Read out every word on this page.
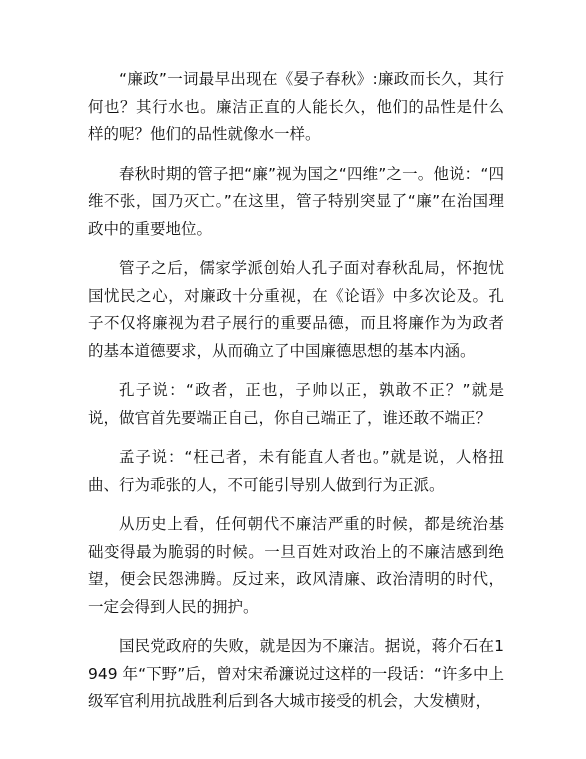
“廉政”一词最早出现在《晏子春秋》:廉政而长久，其行何也？其行水也。廉洁正直的人能长久，他们的品性是什么样的呢？他们的品性就像水一样。

春秋时期的管子把“廉”视为国之“四维”之一。他说：“四维不张，国乃灭亡。”在这里，管子特别突显了“廉”在治国理政中的重要地位。

管子之后，儒家学派创始人孔子面对春秋乱局，怀抱忧国忧民之心，对廉政十分重视，在《论语》中多次论及。孔子不仅将廉视为君子展行的重要品德，而且将廉作为为政者的基本道德要求，从而确立了中国廉德思想的基本内涵。

孔子说：“政者，正也，子帅以正，孰敢不正？”就是说，做官首先要端正自己，你自己端正了，谁还敢不端正？

孟子说：“枉己者，未有能直人者也。”就是说，人格扭曲、行为乖张的人，不可能引导别人做到行为正派。

从历史上看，任何朝代不廉洁严重的时候，都是统治基础变得最为脆弱的时候。一旦百姓对政治上的不廉洁感到绝望，便会民怨沸腾。反过来，政风清廉、政治清明的时代，一定会得到人民的拥护。

国民党政府的失败，就是因为不廉洁。据说，蒋介石在1949 年“下野”后，曾对宋希濂说过这样的一段话：“许多中上级军官利用抗战胜利后到各大城市接受的机会，大发横财，
